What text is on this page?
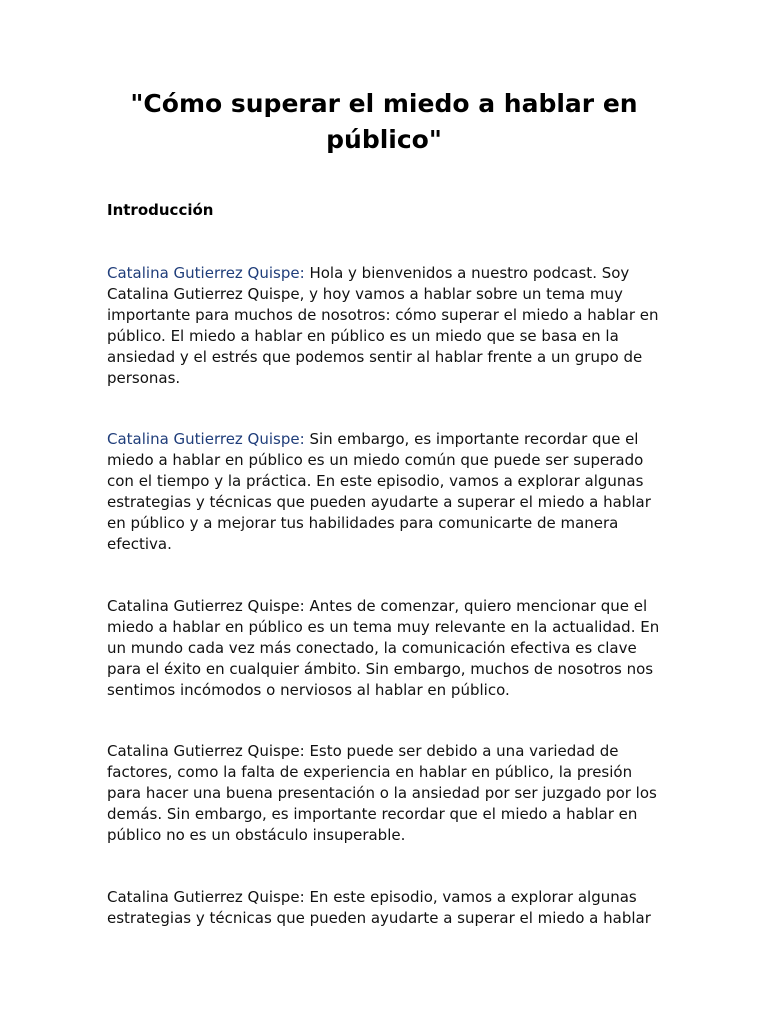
"Cómo superar el miedo a hablar en
público"

Introducción

Catalina Gutierrez Quispe: Hola y bienvenidos a nuestro podcast. Soy
Catalina Gutierrez Quispe, y hoy vamos a hablar sobre un tema muy
importante para muchos de nosotros: cómo superar el miedo a hablar en
público. El miedo a hablar en público es un miedo que se basa en la
ansiedad y el estrés que podemos sentir al hablar frente a un grupo de
personas.

Catalina Gutierrez Quispe: Sin embargo, es importante recordar que el
miedo a hablar en público es un miedo común que puede ser superado
con el tiempo y la práctica. En este episodio, vamos a explorar algunas
estrategias y técnicas que pueden ayudarte a superar el miedo a hablar
en público y a mejorar tus habilidades para comunicarte de manera
efectiva.

Catalina Gutierrez Quispe: Antes de comenzar, quiero mencionar que el
miedo a hablar en público es un tema muy relevante en la actualidad. En
un mundo cada vez más conectado, la comunicación efectiva es clave
para el éxito en cualquier ámbito. Sin embargo, muchos de nosotros nos
sentimos incómodos o nerviosos al hablar en público.

Catalina Gutierrez Quispe: Esto puede ser debido a una variedad de
factores, como la falta de experiencia en hablar en público, la presión
para hacer una buena presentación o la ansiedad por ser juzgado por los
demás. Sin embargo, es importante recordar que el miedo a hablar en
público no es un obstáculo insuperable.

Catalina Gutierrez Quispe: En este episodio, vamos a explorar algunas
estrategias y técnicas que pueden ayudarte a superar el miedo a hablar
